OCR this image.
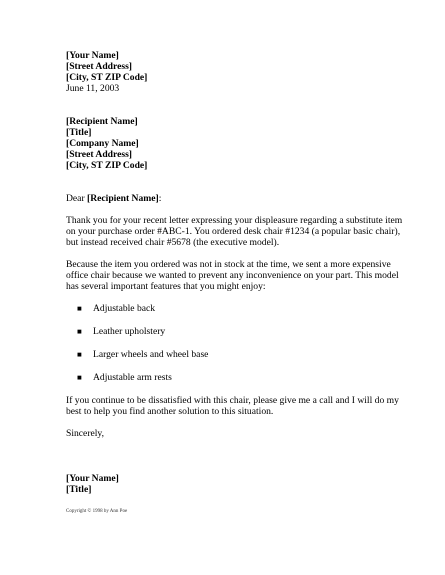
[Your Name]
[Street Address]
[City, ST ZIP Code]
June 11, 2003
[Recipient Name]
[Title]
[Company Name]
[Street Address]
[City, ST ZIP Code]
Dear [Recipient Name]:
Thank you for your recent letter expressing your displeasure regarding a substitute item
on your purchase order #ABC-1. You ordered desk chair #1234 (a popular basic chair),
but instead received chair #5678 (the executive model).
Because the item you ordered was not in stock at the time, we sent a more expensive
office chair because we wanted to prevent any inconvenience on your part. This model
has several important features that you might enjoy:
■ Adjustable back
■ Leather upholstery
■ Larger wheels and wheel base
■ Adjustable arm rests
If you continue to be dissatisfied with this chair, please give me a call and I will do my
best to help you find another solution to this situation.
Sincerely,
[Your Name]
[Title]
Copyright © 1998 by Ann Poe
